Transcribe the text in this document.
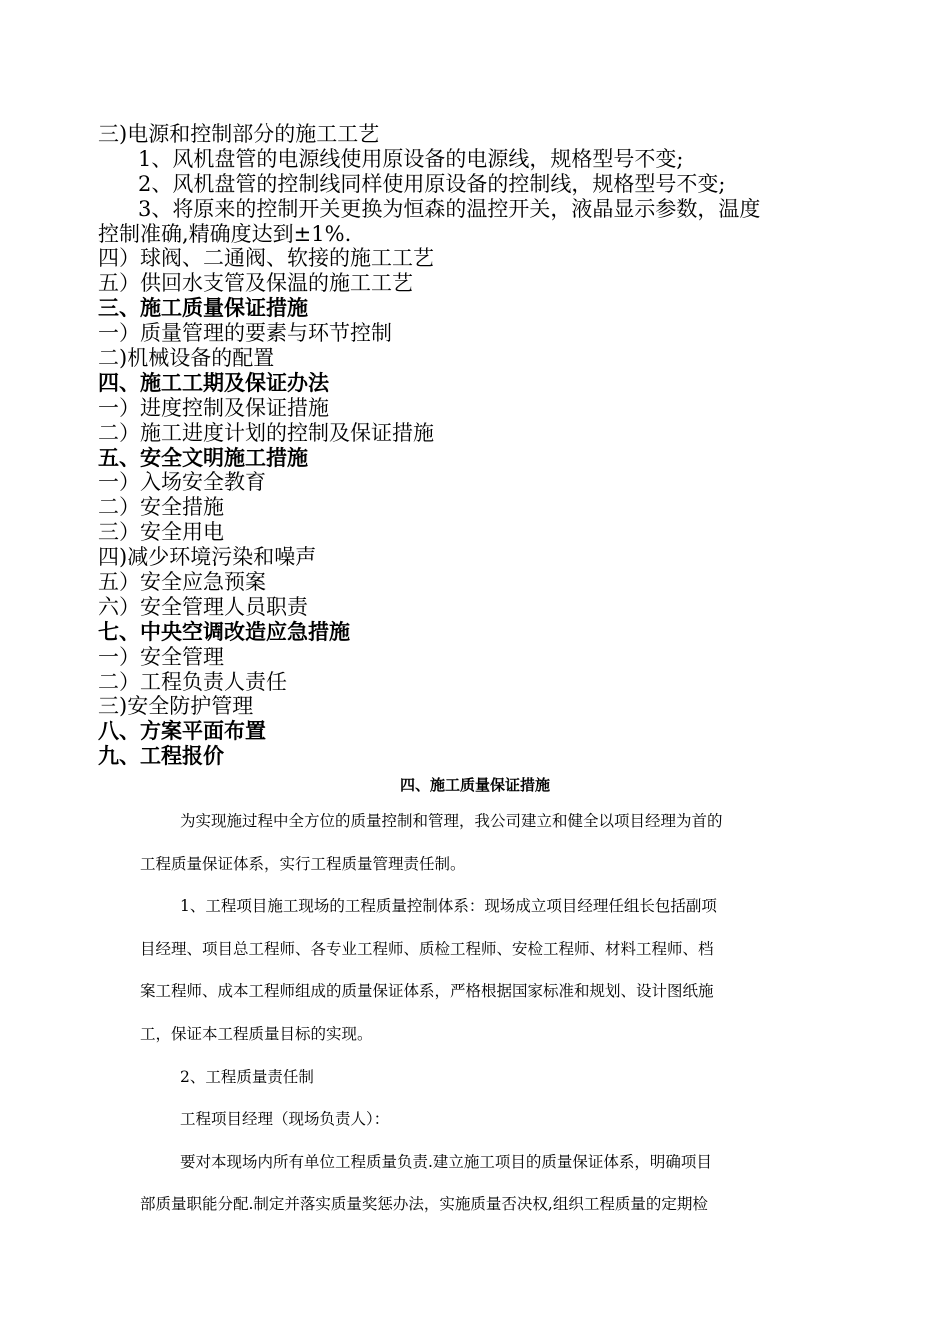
三)电源和控制部分的施工工艺
1、风机盘管的电源线使用原设备的电源线，规格型号不变;
2、风机盘管的控制线同样使用原设备的控制线，规格型号不变;
3、将原来的控制开关更换为恒森的温控开关，液晶显示参数，温度
控制准确,精确度达到±1%.
四）球阀、二通阀、软接的施工工艺
五）供回水支管及保温的施工工艺
三、施工质量保证措施
一）质量管理的要素与环节控制
二)机械设备的配置
四、施工工期及保证办法
一）进度控制及保证措施
二）施工进度计划的控制及保证措施
五、安全文明施工措施
一）入场安全教育
二）安全措施
三）安全用电
四)减少环境污染和噪声
五）安全应急预案
六）安全管理人员职责
七、中央空调改造应急措施
一）安全管理
二）工程负责人责任
三)安全防护管理
八、方案平面布置
九、工程报价
四、施工质量保证措施

为实现施过程中全方位的质量控制和管理，我公司建立和健全以项目经理为首的

工程质量保证体系，实行工程质量管理责任制。

1、工程项目施工现场的工程质量控制体系：现场成立项目经理任组长包括副项

目经理、项目总工程师、各专业工程师、质检工程师、安检工程师、材料工程师、档

案工程师、成本工程师组成的质量保证体系，严格根据国家标准和规划、设计图纸施

工，保证本工程质量目标的实现。

2、工程质量责任制

工程项目经理（现场负责人）：

要对本现场内所有单位工程质量负责.建立施工项目的质量保证体系，明确项目

部质量职能分配.制定并落实质量奖惩办法，实施质量否决权,组织工程质量的定期检
